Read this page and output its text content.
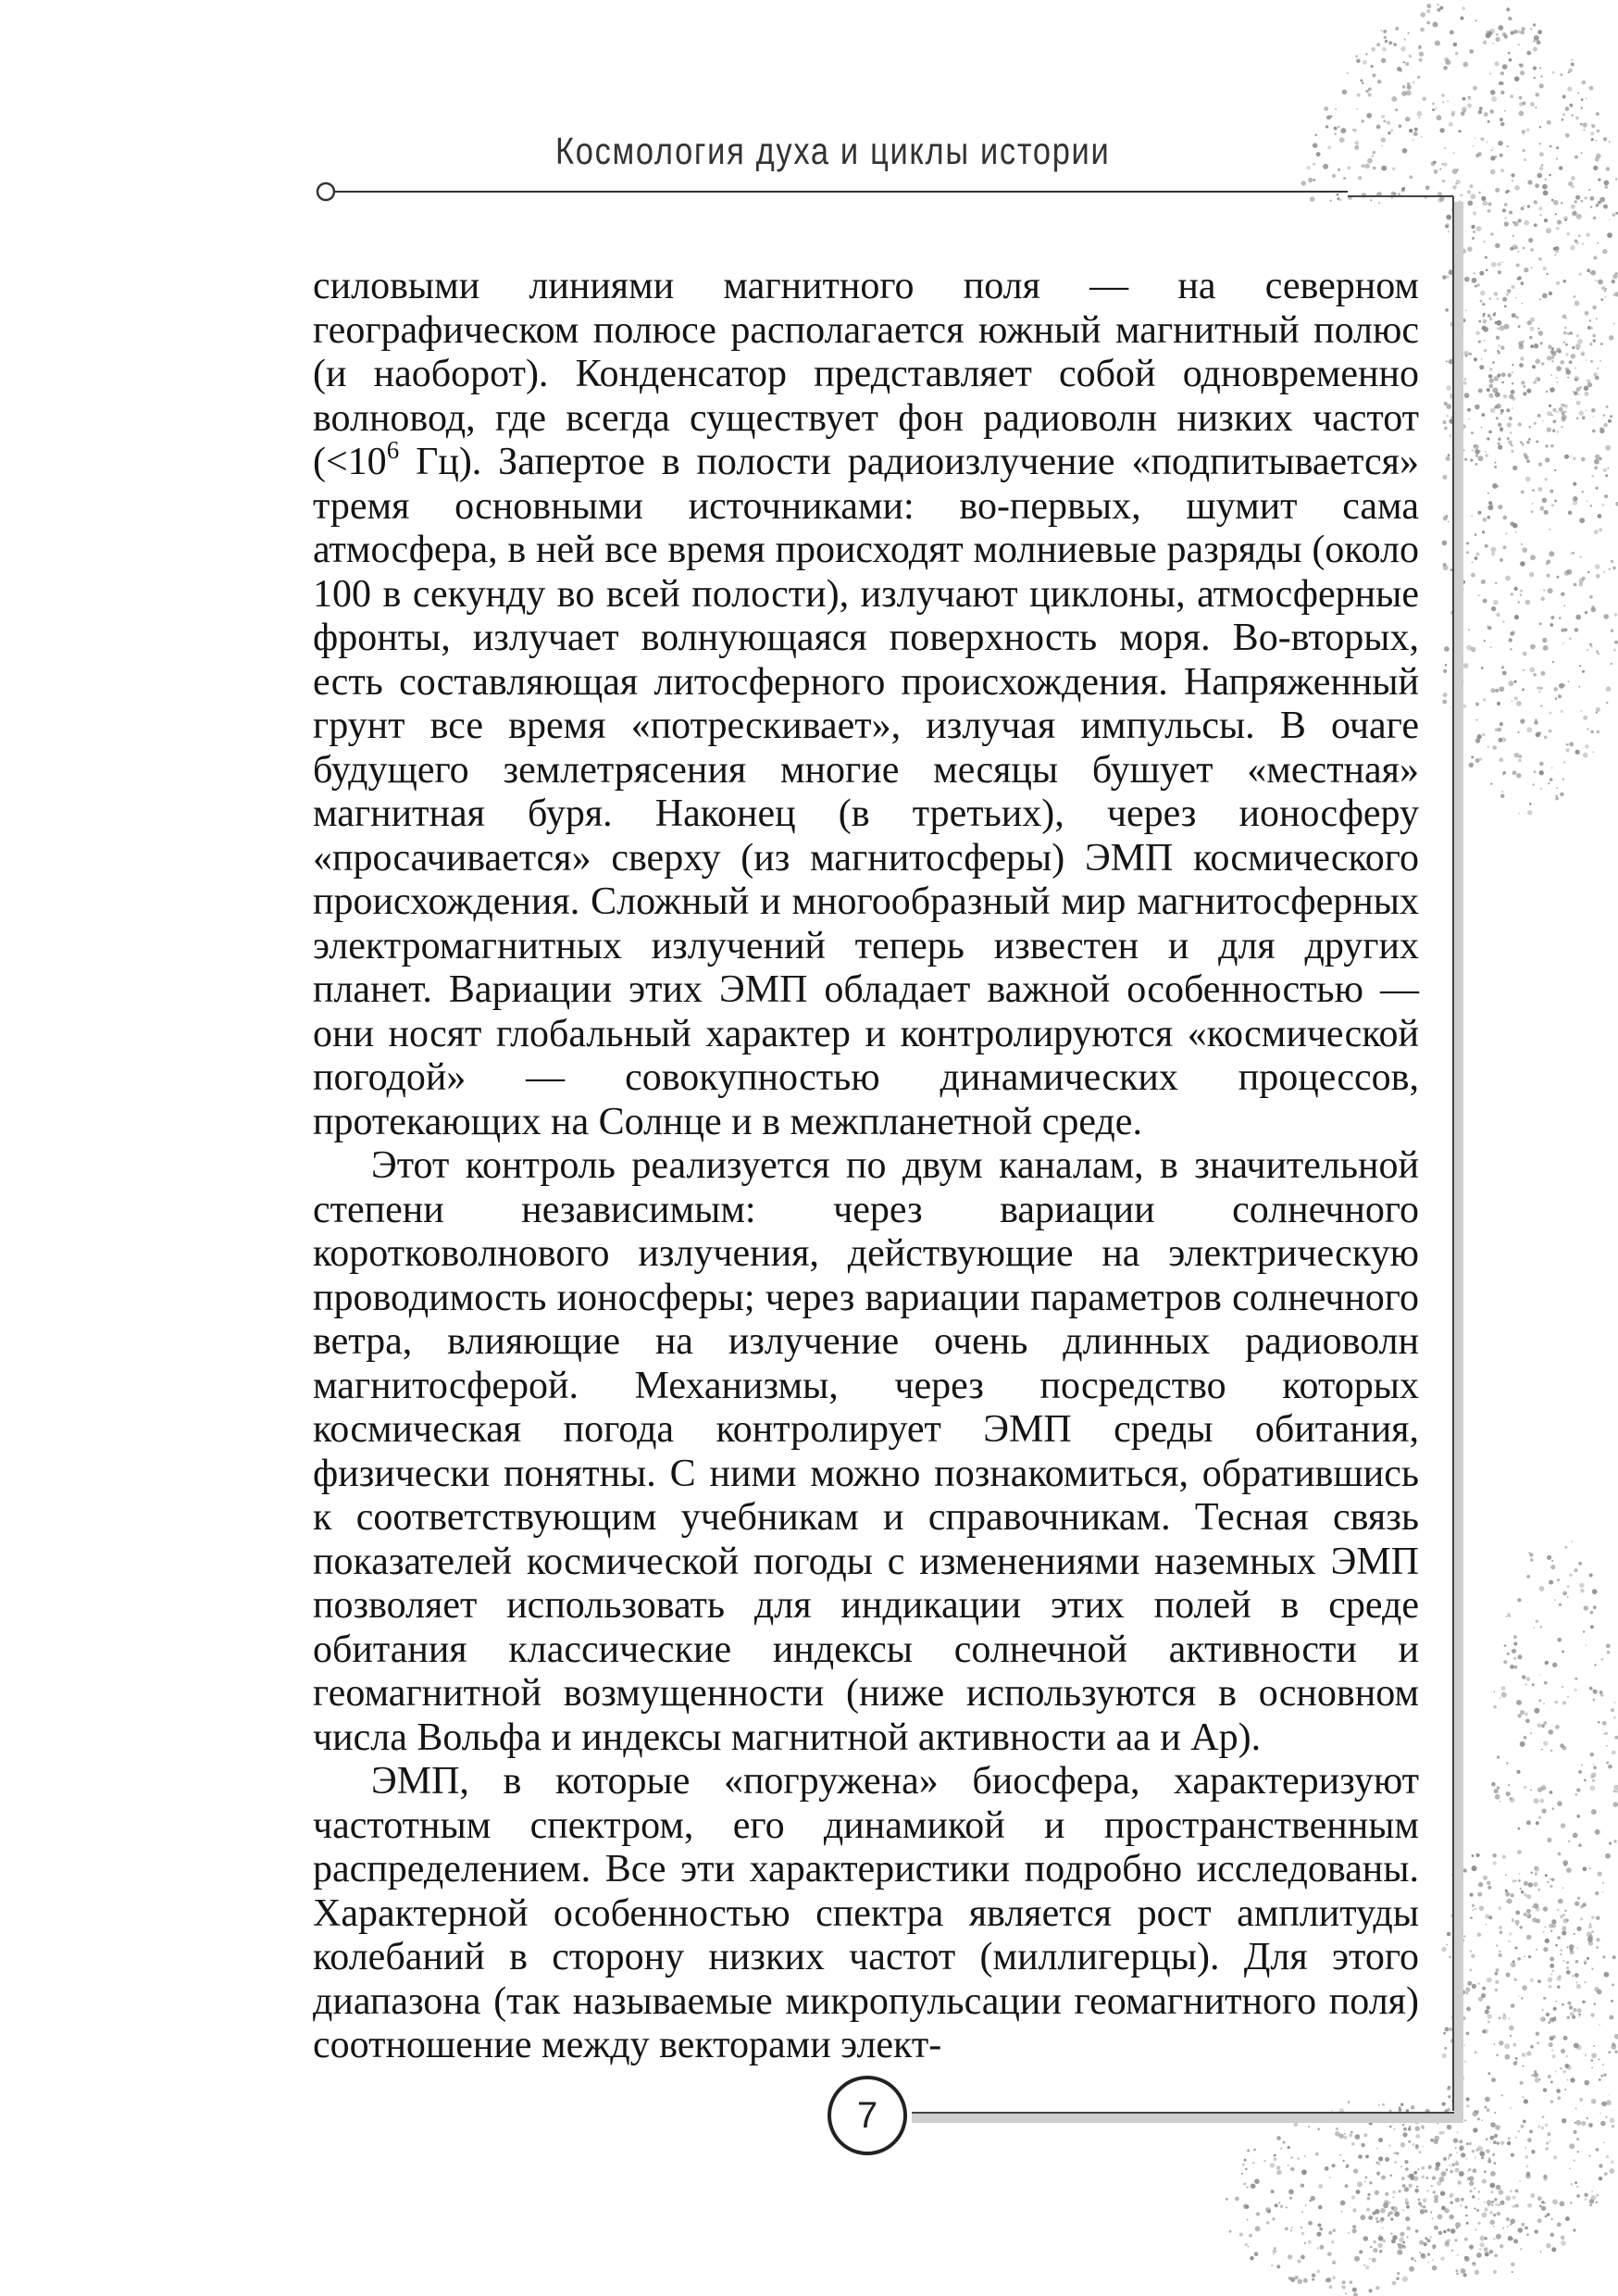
Космология духа и циклы истории

силовыми линиями магнитного поля — на северном географическом полюсе располагается южный магнитный полюс (и наоборот). Конденсатор представляет собой одновременно волновод, где всегда существует фон радиоволн низких частот ($<10^6$ Гц). Запертое в полости радиоизлучение «подпитывается» тремя основными источниками: во-первых, шумит сама атмосфера, в ней все время происходят молниевые разряды (около 100 в секунду во всей полости), излучают циклоны, атмосферные фронты, излучает волнующаяся поверхность моря. Во-вторых, есть составляющая литосферного происхождения. Напряженный грунт все время «потрескивает», излучая импульсы. В очаге будущего землетрясения многие месяцы бушует «местная» магнитная буря. Наконец (в третьих), через ионосферу «просачивается» сверху (из магнитосферы) ЭМП космического происхождения. Сложный и многообразный мир магнитосферных электромагнитных излучений теперь известен и для других планет. Вариации этих ЭМП обладает важной особенностью — они носят глобальный характер и контролируются «космической погодой» — совокупностью динамических процессов, протекающих на Солнце и в межпланетной среде.

Этот контроль реализуется по двум каналам, в значительной степени независимым: через вариации солнечного коротковолнового излучения, действующие на электрическую проводимость ионосферы; через вариации параметров солнечного ветра, влияющие на излучение очень длинных радиоволн магнитосферой. Механизмы, через посредство которых космическая погода контролирует ЭМП среды обитания, физически понятны. С ними можно познакомиться, обратившись к соответствующим учебникам и справочникам. Тесная связь показателей космической погоды с изменениями наземных ЭМП позволяет использовать для индикации этих полей в среде обитания классические индексы солнечной активности и геомагнитной возмущенности (ниже используются в основном числа Вольфа и индексы магнитной активности аа и Ар).

ЭМП, в которые «погружена» биосфера, характеризуют частотным спектром, его динамикой и пространственным распределением. Все эти характеристики подробно исследованы. Характерной особенностью спектра является рост амплитуды колебаний в сторону низких частот (миллигерцы). Для этого диапазона (так называемые микропульсации геомагнитного поля) соотношение между векторами элект-

7
